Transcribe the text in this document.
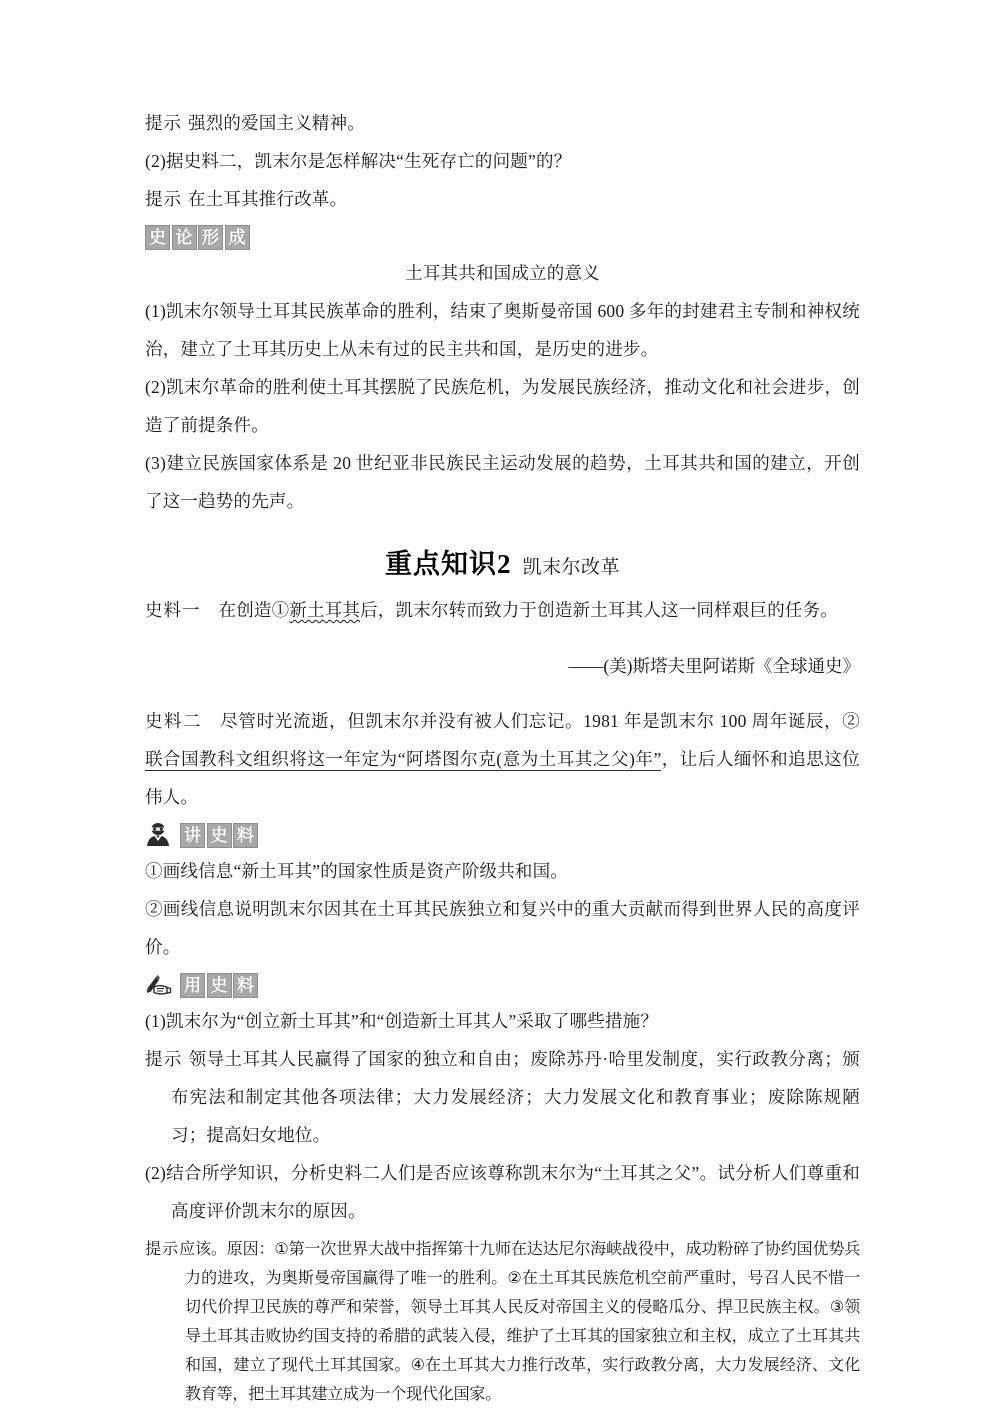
提示 强烈的爱国主义精神。

(2)据史料二，凯末尔是怎样解决“生死存亡的问题”的？

提示 在土耳其推行改革。

史 论 形 成

土耳其共和国成立的意义

(1)凯末尔领导土耳其民族革命的胜利，结束了奥斯曼帝国 600 多年的封建君主专制和神权统治，建立了土耳其历史上从未有过的民主共和国，是历史的进步。

(2)凯末尔革命的胜利使土耳其摆脱了民族危机，为发展民族经济，推动文化和社会进步，创造了前提条件。

(3)建立民族国家体系是 20 世纪亚非民族民主运动发展的趋势，土耳其共和国的建立，开创了这一趋势的先声。

重点知识2 凯末尔改革

史料一 在创造①新土耳其后，凯末尔转而致力于创造新土耳其人这一同样艰巨的任务。

——(美)斯塔夫里阿诺斯《全球通史》

史料二 尽管时光流逝，但凯末尔并没有被人们忘记。1981 年是凯末尔 100 周年诞辰，②联合国教科文组织将这一年定为“阿塔图尔克(意为土耳其之父)年”，让后人缅怀和追思这位伟人。

讲 史 料

①画线信息“新土耳其”的国家性质是资产阶级共和国。

②画线信息说明凯末尔因其在土耳其民族独立和复兴中的重大贡献而得到世界人民的高度评价。

用 史 料

(1)凯末尔为“创立新土耳其”和“创造新土耳其人”采取了哪些措施？

提示 领导土耳其人民赢得了国家的独立和自由；废除苏丹·哈里发制度，实行政教分离；颁布宪法和制定其他各项法律；大力发展经济；大力发展文化和教育事业；废除陈规陋习；提高妇女地位。

(2)结合所学知识，分析史料二人们是否应该尊称凯末尔为“土耳其之父”。试分析人们尊重和高度评价凯末尔的原因。

提示应该。原因：①第一次世界大战中指挥第十九师在达达尼尔海峡战役中，成功粉碎了协约国优势兵力的进攻，为奥斯曼帝国赢得了唯一的胜利。②在土耳其民族危机空前严重时，号召人民不惜一切代价捍卫民族的尊严和荣誉，领导土耳其人民反对帝国主义的侵略瓜分、捍卫民族主权。③领导土耳其击败协约国支持的希腊的武装入侵，维护了土耳其的国家独立和主权，成立了土耳其共和国，建立了现代土耳其国家。④在土耳其大力推行改革，实行政教分离，大力发展经济、文化教育等，把土耳其建立成为一个现代化国家。
